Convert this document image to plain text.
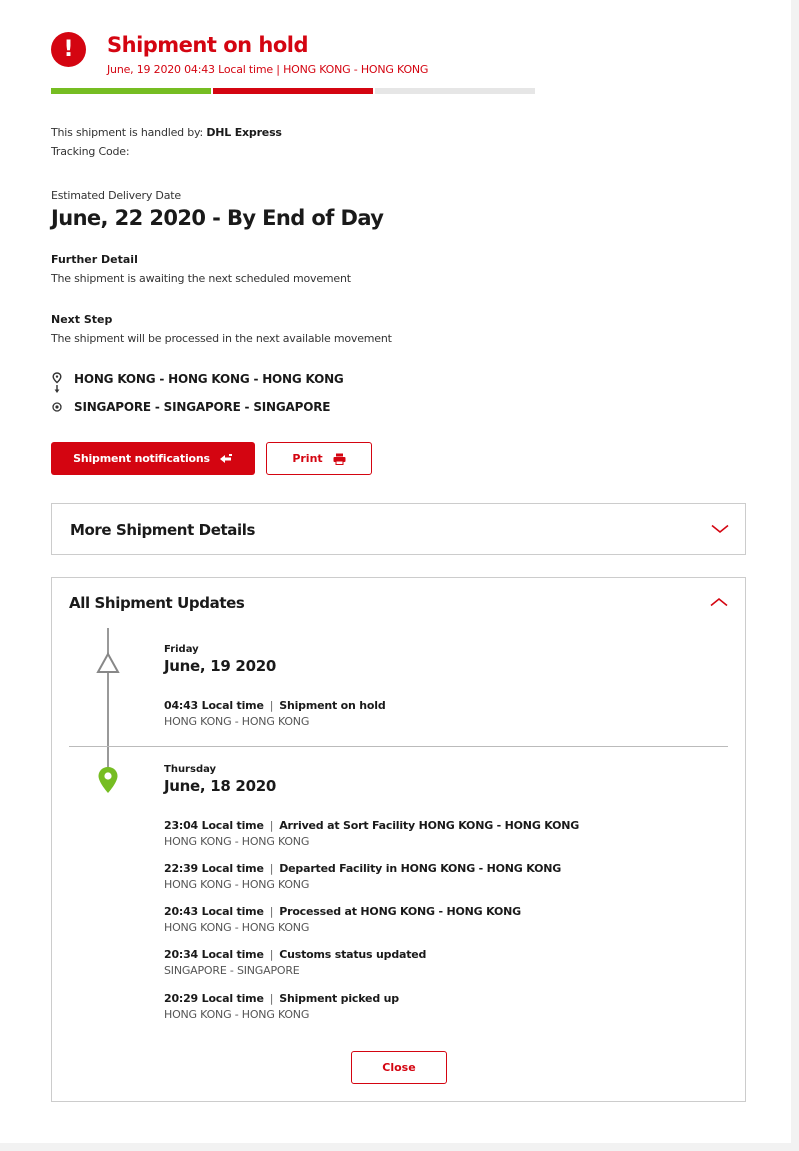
!	Shipment on hold
June, 19 2020 04:43 Local time | HONG KONG - HONG KONG
This shipment is handled by: DHL Express
Tracking Code:
Estimated Delivery Date
June, 22 2020 - By End of Day
Further Detail
The shipment is awaiting the next scheduled movement
Next Step
The shipment will be processed in the next available movement
HONG KONG - HONG KONG - HONG KONG
SINGAPORE - SINGAPORE - SINGAPORE
Shipment notifications	Print
More Shipment Details
All Shipment Updates
Friday
June, 19 2020
04:43 Local time | Shipment on hold
HONG KONG - HONG KONG
Thursday
June, 18 2020
23:04 Local time | Arrived at Sort Facility HONG KONG - HONG KONG
HONG KONG - HONG KONG
22:39 Local time | Departed Facility in HONG KONG - HONG KONG
HONG KONG - HONG KONG
20:43 Local time | Processed at HONG KONG - HONG KONG
HONG KONG - HONG KONG
20:34 Local time | Customs status updated
SINGAPORE - SINGAPORE
20:29 Local time | Shipment picked up
HONG KONG - HONG KONG
Close
